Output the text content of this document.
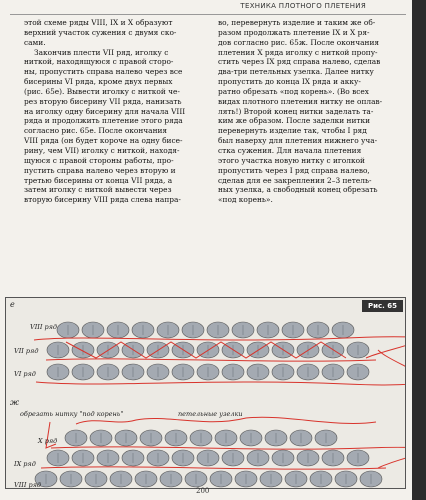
ТЕХНИКА ПЛОТНОГО ПЛЕТЕНИЯ

этой схеме ряды VIII, IX и X образуют

верхний участок сужения с двумя ско-

сами.

Закончив плести VII ряд, иголку с

ниткой, находящуюся с правой сторо-

ны, пропустить справа налево через все

бисерины VI ряда, кроме двух первых

(рис. 65е). Вывести иголку с ниткой че-

рез вторую бисерину VII ряда, нанизать

на иголку одну бисерину для начала VIII

ряда и продолжить плетение этого ряда

согласно рис. 65е. После окончания

VIII ряда (он будет короче на одну бисе-

рину, чем VII) иголку с ниткой, находя-

щуюся с правой стороны работы, про-

пустить справа налево через вторую и

третью бисерины от конца VII ряда, а

затем иголку с ниткой вывести через

вторую бисерину VIII ряда слева напра-

во, перевернуть изделие и таким же об-

разом продолжать плетение IX и X ря-

дов согласно рис. 65ж. После окончания

плетения X ряда иголку с ниткой пропу-

стить через IX ряд справа налево, сделав

два-три петельных узелка. Далее нитку

пропустить до конца IX ряда и акку-

ратно обрезать «под корень». (Во всех

видах плотного плетения нитку не оплав-

лять!) Второй конец нитки заделать та-

ким же образом. После заделки нитки

перевернуть изделие так, чтобы I ряд

был наверху для плетения нижнего уча-

стка сужения. Для начала плетения

этого участка новую нитку с иголкой

пропустить через I ряд справа налево,

сделав для ее закрепления 2–3 петель-

ных узелка, а свободный конец обрезать

«под корень».

Рис. 65
е
VIII ряд
VII ряд
VI ряд
ж
обрезать нитку "под корень"	петельные узелки
X ряд
IX ряд
VIII ряд
200
